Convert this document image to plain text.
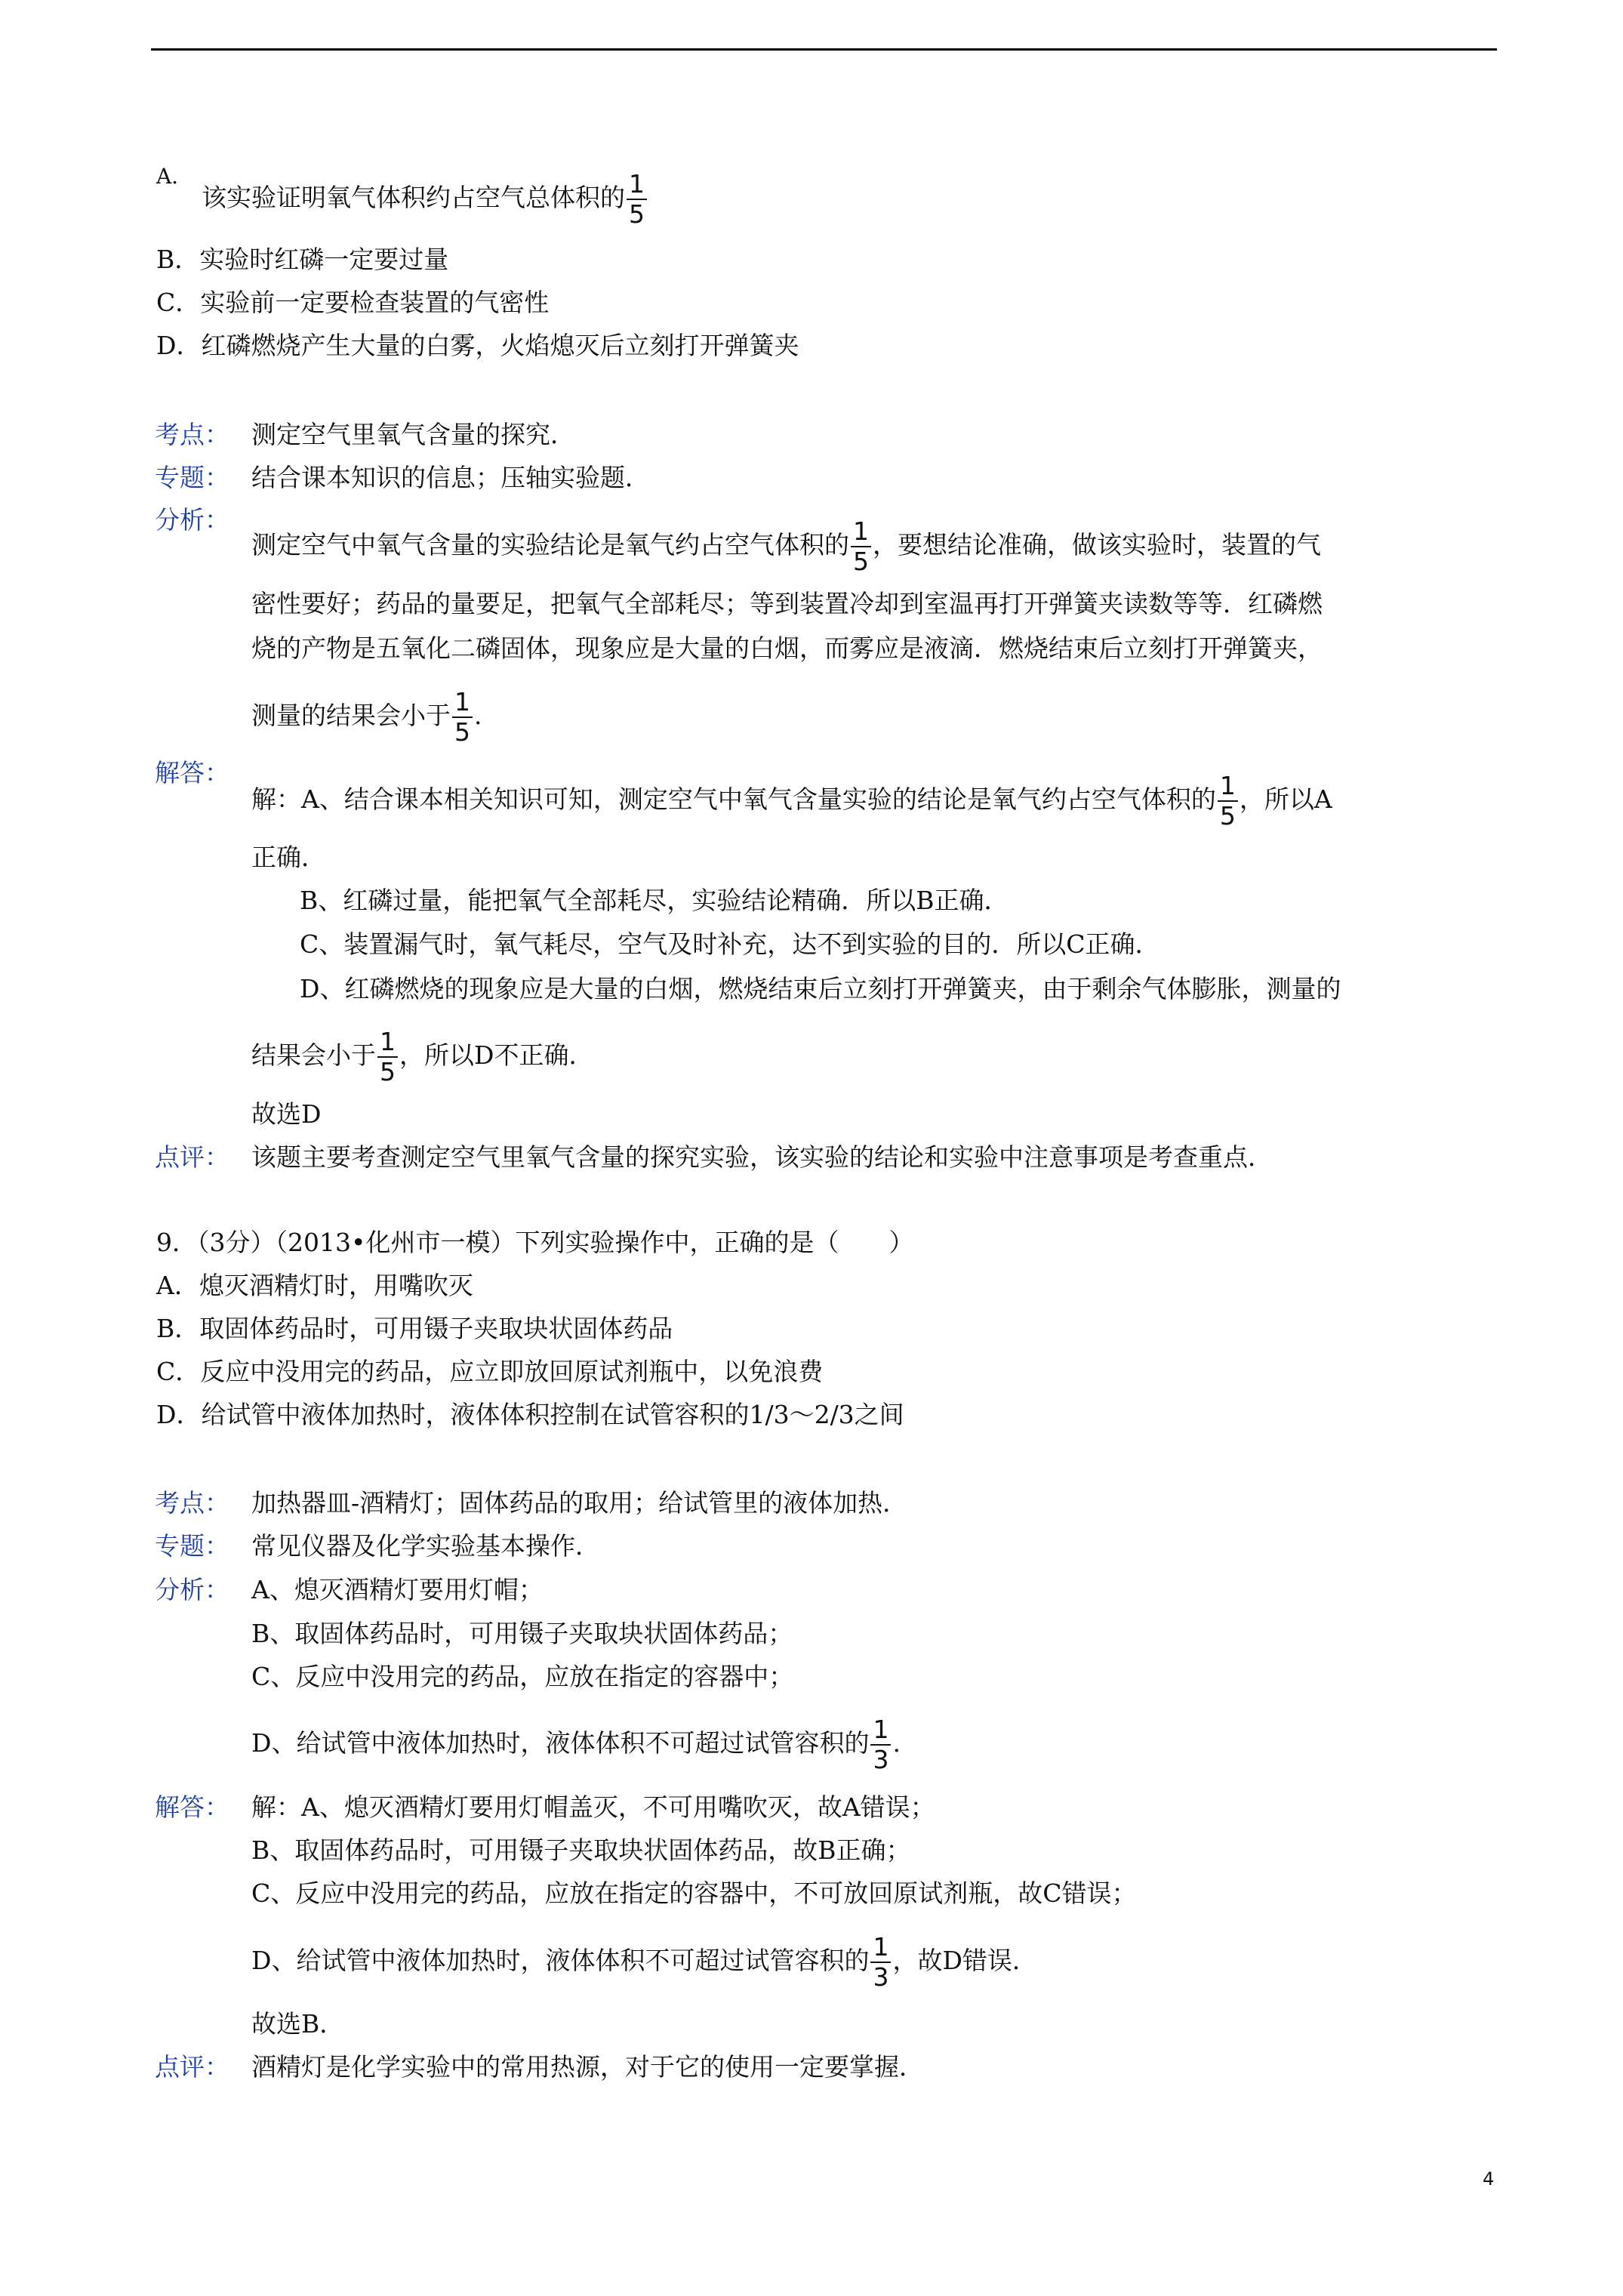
A．
该实验证明氧气体积约占空气总体积的 $\frac{1}{5}$
B．实验时红磷一定要过量
C．实验前一定要检查装置的气密性
D．红磷燃烧产生大量的白雾，火焰熄灭后立刻打开弹簧夹
考点： 测定空气里氧气含量的探究．
专题： 结合课本知识的信息；压轴实验题．
分析：
测定空气中氧气含量的实验结论是氧气约占空气体积的 $\frac{1}{5}$ ，要想结论准确，做该实验时，装置的气
密性要好；药品的量要足，把氧气全部耗尽；等到装置冷却到室温再打开弹簧夹读数等等．红磷燃
烧的产物是五氧化二磷固体，现象应是大量的白烟，而雾应是液滴．燃烧结束后立刻打开弹簧夹，
测量的结果会小于 $\frac{1}{5}$ .
解答：
解：A、结合课本相关知识可知，测定空气中氧气含量实验的结论是氧气约占空气体积的 $\frac{1}{5}$ ，所以A
正确．
B、红磷过量，能把氧气全部耗尽，实验结论精确．所以B正确．
C、装置漏气时，氧气耗尽，空气及时补充，达不到实验的目的．所以C正确．
D、红磷燃烧的现象应是大量的白烟，燃烧结束后立刻打开弹簧夹，由于剩余气体膨胀，测量的
结果会小于 $\frac{1}{5}$ ，所以D不正确．
故选D
点评： 该题主要考查测定空气里氧气含量的探究实验，该实验的结论和实验中注意事项是考查重点．
9．（3分）（2013•化州市一模）下列实验操作中，正确的是（　　）
A．熄灭酒精灯时，用嘴吹灭
B．取固体药品时，可用镊子夹取块状固体药品
C．反应中没用完的药品，应立即放回原试剂瓶中，以免浪费
D．给试管中液体加热时，液体体积控制在试管容积的1/3～2/3之间
考点： 加热器皿-酒精灯；固体药品的取用；给试管里的液体加热．
专题： 常见仪器及化学实验基本操作．
分析： A、熄灭酒精灯要用灯帽；
B、取固体药品时，可用镊子夹取块状固体药品；
C、反应中没用完的药品，应放在指定的容器中；
D、给试管中液体加热时，液体体积不可超过试管容积的 $\frac{1}{3}$ .
解答： 解：A、熄灭酒精灯要用灯帽盖灭，不可用嘴吹灭，故A错误；
B、取固体药品时，可用镊子夹取块状固体药品，故B正确；
C、反应中没用完的药品，应放在指定的容器中，不可放回原试剂瓶，故C错误；
D、给试管中液体加热时，液体体积不可超过试管容积的 $\frac{1}{3}$ ，故D错误．
故选B．
点评： 酒精灯是化学实验中的常用热源，对于它的使用一定要掌握．
4
